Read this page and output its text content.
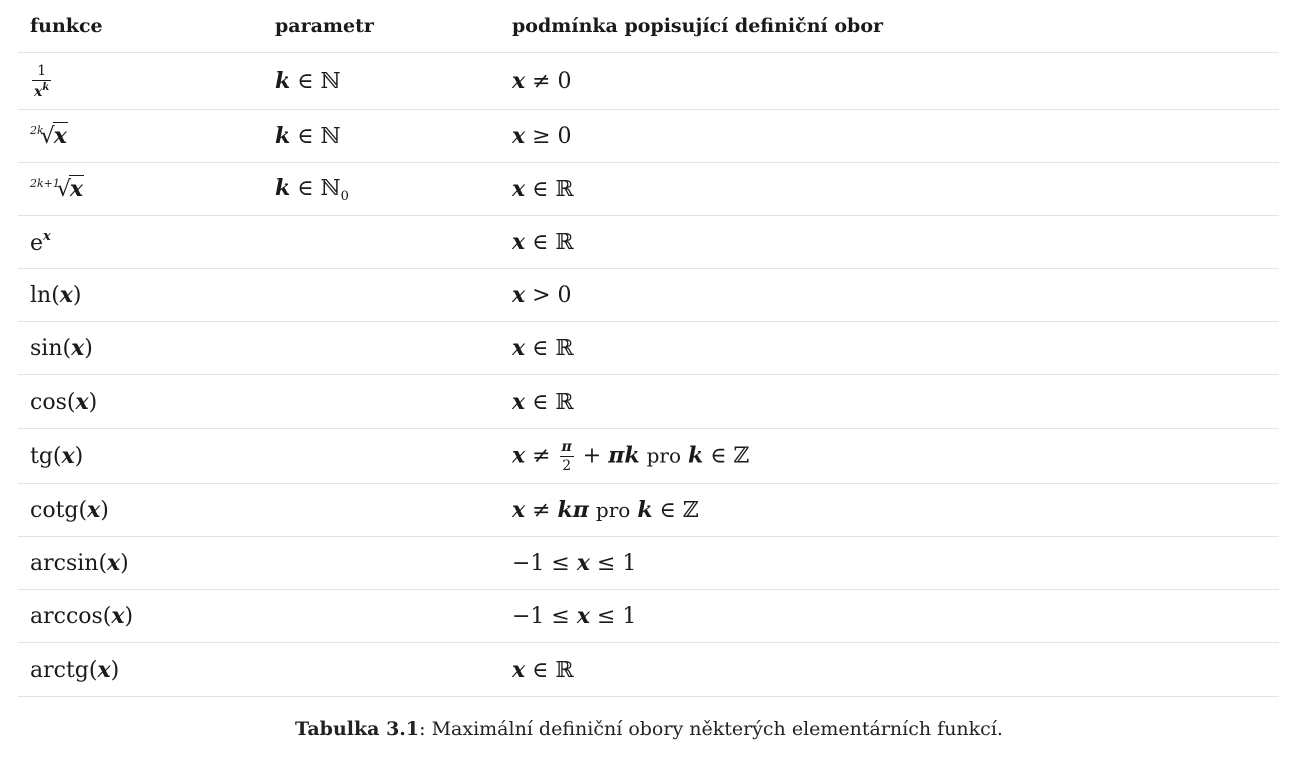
funkce	parametr	podmínka popisující definiční obor

$\frac{1}{x^k}$	k ∈ ℕ	x ≠ 0
$^{2k}$√x	k ∈ ℕ	x ≥ 0
$^{2k+1}$√x	k ∈ ℕ$_0$	x ∈ ℝ
$e^x$		x ∈ ℝ
ln(x)		x > 0
sin(x)		x ∈ ℝ
cos(x)		x ∈ ℝ
tg(x)		$x \ne \frac{\pi}{2} + \pi k$ pro k ∈ ℤ
cotg(x)		x ≠ kπ pro k ∈ ℤ
arcsin(x)		−1 ≤ x ≤ 1
arccos(x)		−1 ≤ x ≤ 1
arctg(x)		x ∈ ℝ
Tabulka 3.1: Maximální definiční obory některých elementárních funkcí.
